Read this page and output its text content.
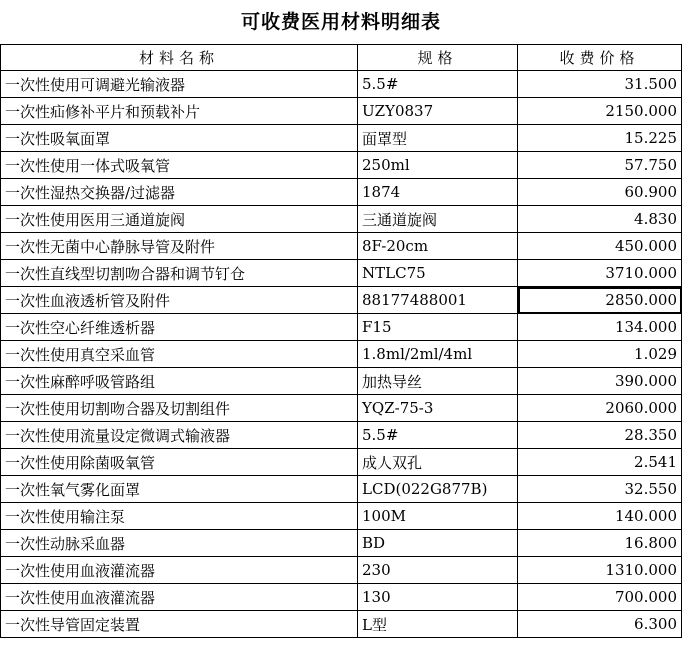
可收费医用材料明细表
材料名称	规格	收费价格
一次性使用可调避光输液器	5.5#	31.500
一次性疝修补平片和预载补片	UZY0837	2150.000
一次性吸氧面罩	面罩型	15.225
一次性使用一体式吸氧管	250ml	57.750
一次性湿热交换器/过滤器	1874	60.900
一次性使用医用三通道旋阀	三通道旋阀	4.830
一次性无菌中心静脉导管及附件	8F-20cm	450.000
一次性直线型切割吻合器和调节钉仓	NTLC75	3710.000
一次性血液透析管及附件	88177488001	2850.000
一次性空心纤维透析器	F15	134.000
一次性使用真空采血管	1.8ml/2ml/4ml	1.029
一次性麻醉呼吸管路组	加热导丝	390.000
一次性使用切割吻合器及切割组件	YQZ-75-3	2060.000
一次性使用流量设定微调式输液器	5.5#	28.350
一次性使用除菌吸氧管	成人双孔	2.541
一次性氧气雾化面罩	LCD(022G877B)	32.550
一次性使用输注泵	100M	140.000
一次性动脉采血器	BD	16.800
一次性使用血液灌流器	230	1310.000
一次性使用血液灌流器	130	700.000
一次性导管固定装置	L型	6.300
